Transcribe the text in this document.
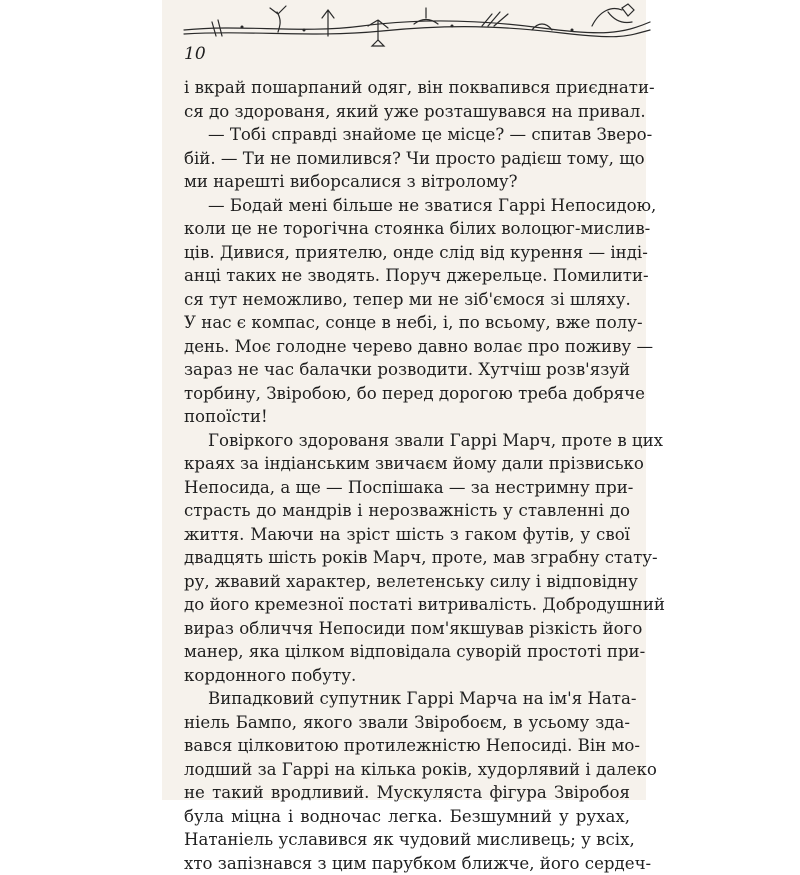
10
і вкрай пошарпаний одяг, він поквапився приєднати-
ся до здорованя, який уже розташувався на привал.
— Тобі справді знайоме це місце? — спитав Зверо-
бій. — Ти не помилився? Чи просто радієш тому, що
ми нарешті виборсалися з вітролому?
— Бодай мені більше не зватися Гаррі Непосидою,
коли це не торогічна стоянка білих волоцюг-мислив-
ців. Дивися, приятелю, онде слід від курення — інді-
анці таких не зводять. Поруч джерельце. Помилити-
ся тут неможливо, тепер ми не зіб'ємося зі шляху.
У нас є компас, сонце в небі, і, по всьому, вже полу-
день. Моє голодне черево давно волає про поживу —
зараз не час балачки розводити. Хутчіш розв'язуй
торбину, Звіробою, бо перед дорогою треба добряче
попоїсти!
Говіркого здорованя звали Гаррі Марч, проте в цих
краях за індіанським звичаєм йому дали прізвисько
Непосида, а ще — Поспішака — за нестримну при-
страсть до мандрів і нерозважність у ставленні до
життя. Маючи на зріст шість з гаком футів, у свої
двадцять шість років Марч, проте, мав зграбну стату-
ру, жвавий характер, велетенську силу і відповідну
до його кремезної постаті витривалість. Добродушний
вираз обличчя Непосиди пом'якшував різкість його
манер, яка цілком відповідала суворій простоті при-
кордонного побуту.
Випадковий супутник Гаррі Марча на ім'я Ната-
ніель Бампо, якого звали Звіробоєм, в усьому зда-
вався цілковитою протилежністю Непосиді. Він мо-
лодший за Гаррі на кілька років, худорлявий і далеко
не такий вродливий. Мускуляста фігура Звіробоя
була міцна і водночас легка. Безшумний у рухах,
Натаніель уславився як чудовий мисливець; у всіх,
хто запізнався з цим парубком ближче, його сердеч-
